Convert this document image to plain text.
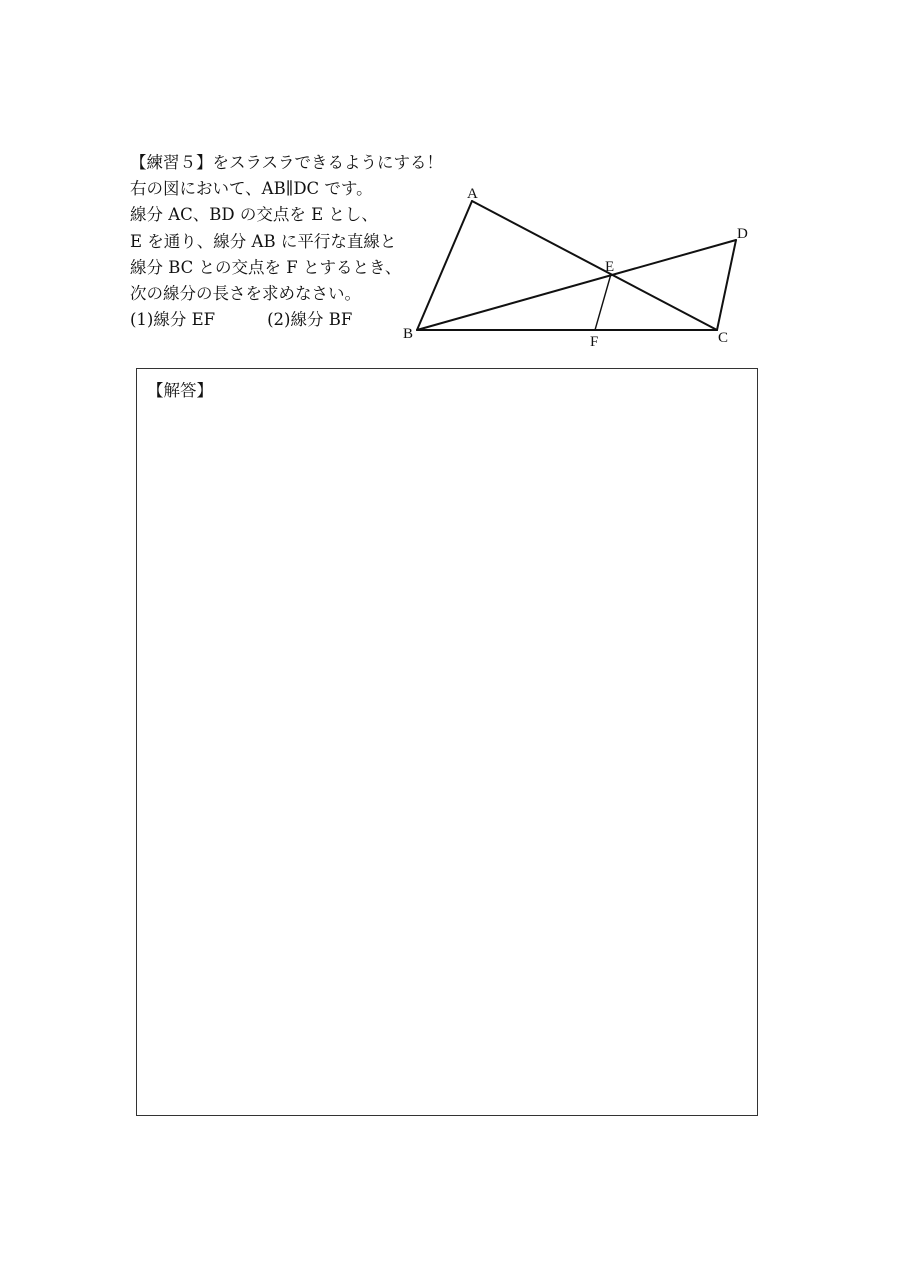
【練習５】をスラスラできるようにする！
右の図において、AB∥DC です。
線分 AC、BD の交点を E とし、
E を通り、線分 AB に平行な直線と
線分 BC との交点を F とするとき、
次の線分の長さを求めなさい。
(1)線分 EF	(2)線分 BF
A
B	C
D
E
F
【解答】
